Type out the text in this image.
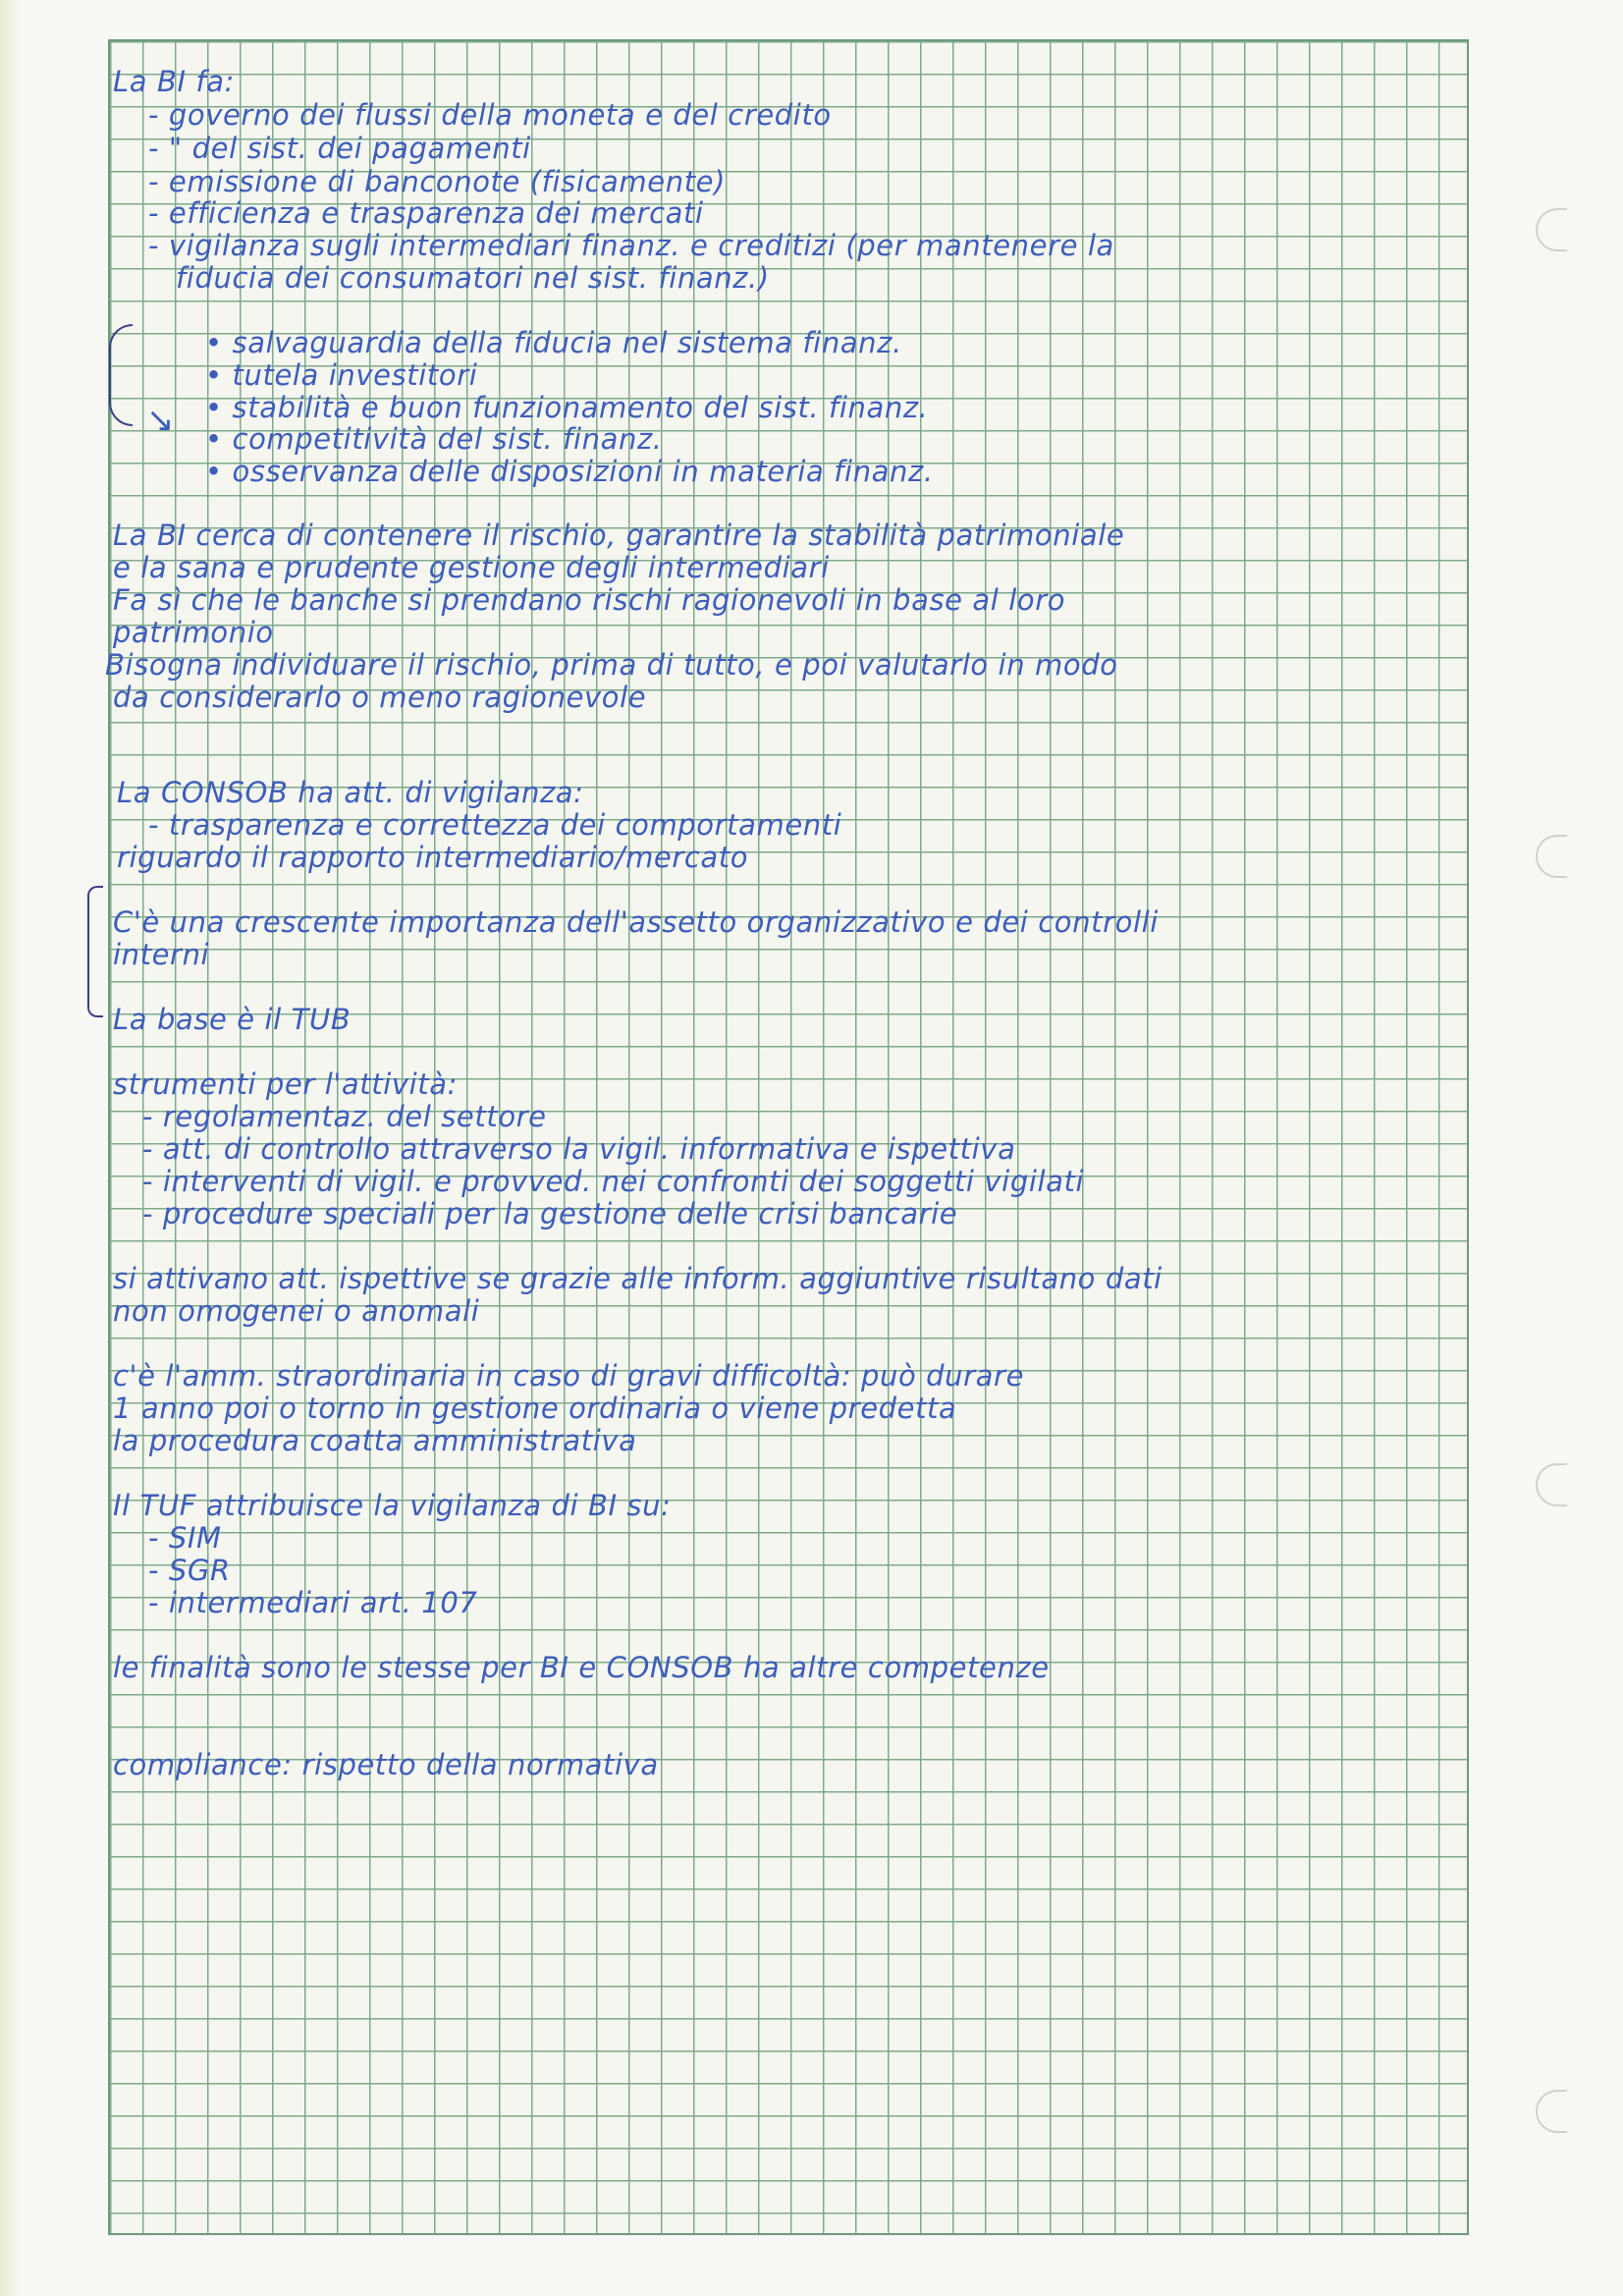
↘
La BI fa:
- governo dei flussi della moneta e del credito
- " del sist. dei pagamenti
- emissione di banconote (fisicamente)
- efficienza e trasparenza dei mercati
- vigilanza sugli intermediari finanz. e creditizi (per mantenere la
fiducia dei consumatori nel sist. finanz.)
• salvaguardia della fiducia nel sistema finanz.
• tutela investitori
• stabilità e buon funzionamento del sist. finanz.
• competitività del sist. finanz.
• osservanza delle disposizioni in materia finanz.
La BI cerca di contenere il rischio, garantire la stabilità patrimoniale
e la sana e prudente gestione degli intermediari
Fa sì che le banche si prendano rischi ragionevoli in base al loro
patrimonio
Bisogna individuare il rischio, prima di tutto, e poi valutarlo in modo
da considerarlo o meno ragionevole
La CONSOB ha att. di vigilanza:
- trasparenza e correttezza dei comportamenti
riguardo il rapporto intermediario/mercato
C'è una crescente importanza dell'assetto organizzativo e dei controlli
interni
La base è il TUB
strumenti per l'attività:
- regolamentaz. del settore
- att. di controllo attraverso la vigil. informativa e ispettiva
- interventi di vigil. e provved. nei confronti dei soggetti vigilati
- procedure speciali per la gestione delle crisi bancarie
si attivano att. ispettive se grazie alle inform. aggiuntive risultano dati
non omogenei o anomali
c'è l'amm. straordinaria in caso di gravi difficoltà: può durare
1 anno poi o torno in gestione ordinaria o viene predetta
la procedura coatta amministrativa
Il TUF attribuisce la vigilanza di BI su:
- SIM
- SGR
- intermediari art. 107
le finalità sono le stesse per BI e CONSOB ha altre competenze
compliance: rispetto della normativa
